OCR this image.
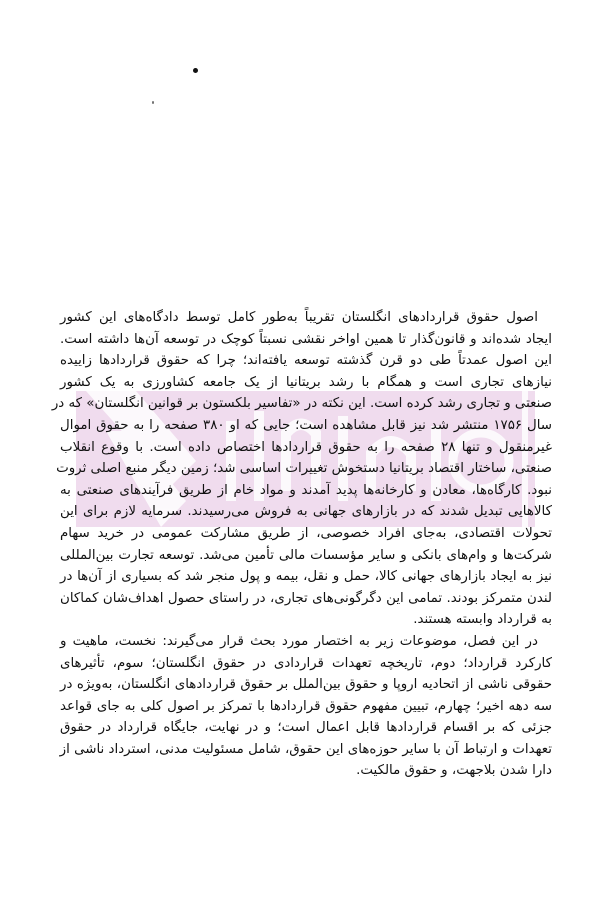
اصول حقوق قراردادهای انگلستان تقریباً به‌طور کامل توسط دادگاه‌های این کشور
ایجاد شده‌اند و قانون‌گذار تا همین اواخر نقشی نسبتاً کوچک در توسعه آن‌ها داشته است.
این اصول عمدتاً طی دو قرن گذشته توسعه یافته‌اند؛ چرا که حقوق قراردادها زاییده
نیازهای تجاری است و همگام با رشد بریتانیا از یک جامعه کشاورزی به یک کشور
صنعتی و تجاری رشد کرده است. این نکته در «تفاسیر بلکستون بر قوانین انگلستان» که در
سال ۱۷۵۶ منتشر شد نیز قابل مشاهده است؛ جایی که او ۳۸۰ صفحه را به حقوق اموال
غیرمنقول و تنها ۲۸ صفحه را به حقوق قراردادها اختصاص داده است. با وقوع انقلاب
صنعتی، ساختار اقتصاد بریتانیا دستخوش تغییرات اساسی شد؛ زمین دیگر منبع اصلی ثروت
نبود. کارگاه‌ها، معادن و کارخانه‌ها پدید آمدند و مواد خام از طریق فرآیندهای صنعتی به
کالاهایی تبدیل شدند که در بازارهای جهانی به فروش می‌رسیدند. سرمایه لازم برای این
تحولات اقتصادی، به‌جای افراد خصوصی، از طریق مشارکت عمومی در خرید سهام
شرکت‌ها و وام‌های بانکی و سایر مؤسسات مالی تأمین می‌شد. توسعه تجارت بین‌المللی
نیز به ایجاد بازارهای جهانی کالا، حمل و نقل، بیمه و پول منجر شد که بسیاری از آن‌ها در
لندن متمرکز بودند. تمامی این دگرگونی‌های تجاری، در راستای حصول اهداف‌شان کماکان
به قرارداد وابسته هستند.
در این فصل، موضوعات زیر به اختصار مورد بحث قرار می‌گیرند: نخست، ماهیت و
کارکرد قرارداد؛ دوم، تاریخچه تعهدات قراردادی در حقوق انگلستان؛ سوم، تأثیرهای
حقوقی ناشی از اتحادیه اروپا و حقوق بین‌الملل بر حقوق قراردادهای انگلستان، به‌ویژه در
سه دهه اخیر؛ چهارم، تبیین مفهوم حقوق قراردادها با تمرکز بر اصول کلی به جای قواعد
جزئی که بر اقسام قراردادها قابل اعمال است؛ و در نهایت، جایگاه قرارداد در حقوق
تعهدات و ارتباط آن با سایر حوزه‌های این حقوق، شامل مسئولیت مدنی، استرداد ناشی از
دارا شدن بلاجهت، و حقوق مالکیت.
